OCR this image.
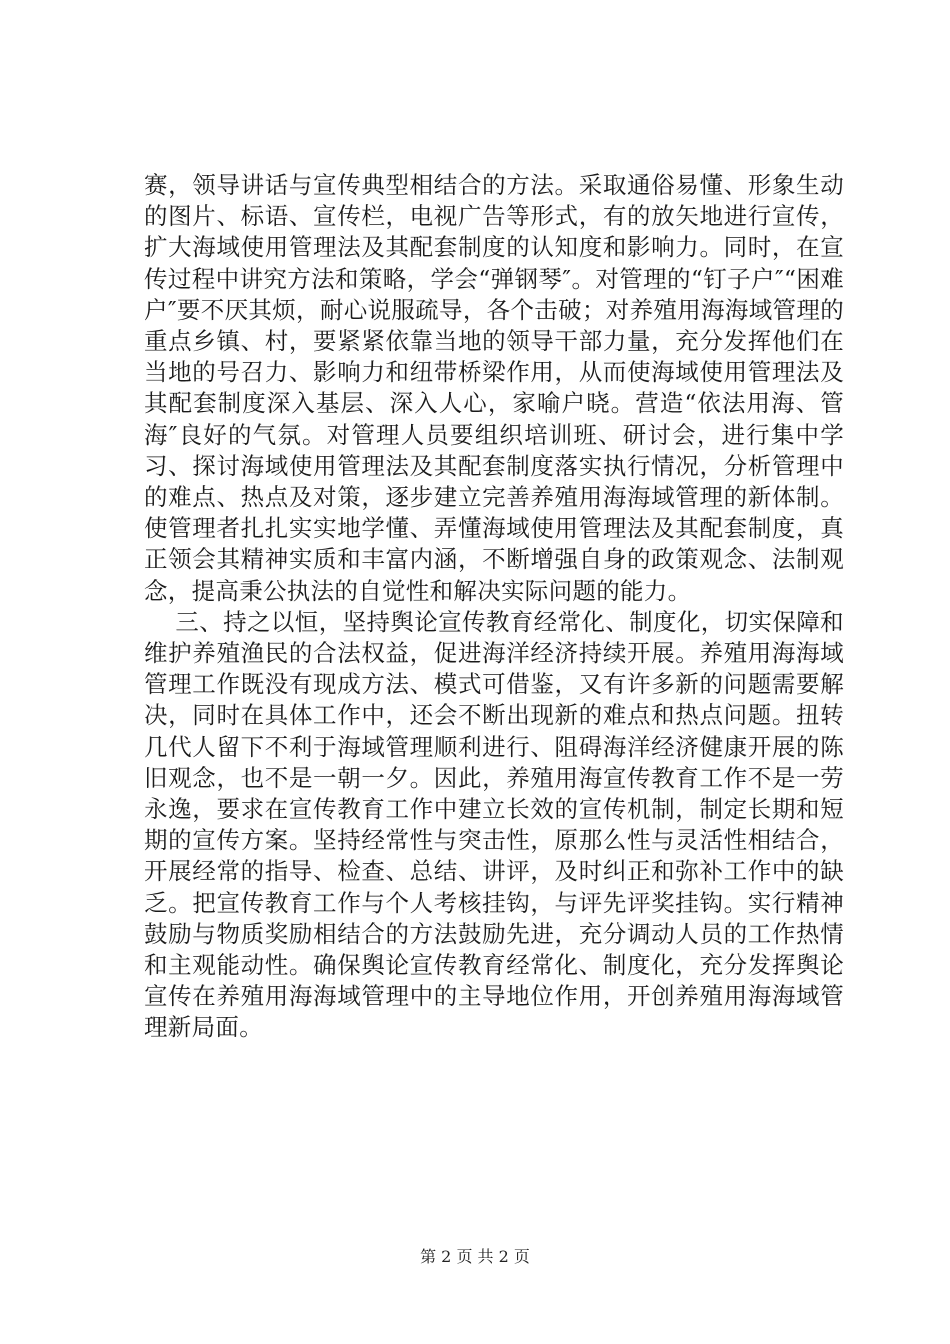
赛，领导讲话与宣传典型相结合的方法。采取通俗易懂、形象生动的图片、标语、宣传栏，电视广告等形式，有的放矢地进行宣传，扩大海域使用管理法及其配套制度的认知度和影响力。同时，在宣传过程中讲究方法和策略，学会“弹钢琴″。对管理的“钉子户″“困难户″要不厌其烦，耐心说服疏导，各个击破；对养殖用海海域管理的重点乡镇、村，要紧紧依靠当地的领导干部力量，充分发挥他们在当地的号召力、影响力和纽带桥梁作用，从而使海域使用管理法及其配套制度深入基层、深入人心，家喻户晓。营造“依法用海、管海″良好的气氛。对管理人员要组织培训班、研讨会，进行集中学习、探讨海域使用管理法及其配套制度落实执行情况，分析管理中的难点、热点及对策，逐步建立完善养殖用海海域管理的新体制。使管理者扎扎实实地学懂、弄懂海域使用管理法及其配套制度，真正领会其精神实质和丰富内涵，不断增强自身的政策观念、法制观念，提高秉公执法的自觉性和解决实际问题的能力。

三、持之以恒，坚持舆论宣传教育经常化、制度化，切实保障和维护养殖渔民的合法权益，促进海洋经济持续开展。养殖用海海域管理工作既没有现成方法、模式可借鉴，又有许多新的问题需要解决，同时在具体工作中，还会不断出现新的难点和热点问题。扭转几代人留下不利于海域管理顺利进行、阻碍海洋经济健康开展的陈旧观念，也不是一朝一夕。因此，养殖用海宣传教育工作不是一劳永逸，要求在宣传教育工作中建立长效的宣传机制，制定长期和短期的宣传方案。坚持经常性与突击性，原那么性与灵活性相结合，开展经常的指导、检查、总结、讲评，及时纠正和弥补工作中的缺乏。把宣传教育工作与个人考核挂钩，与评先评奖挂钩。实行精神鼓励与物质奖励相结合的方法鼓励先进，充分调动人员的工作热情和主观能动性。确保舆论宣传教育经常化、制度化，充分发挥舆论宣传在养殖用海海域管理中的主导地位作用，开创养殖用海海域管理新局面。

第 2 页 共 2 页
